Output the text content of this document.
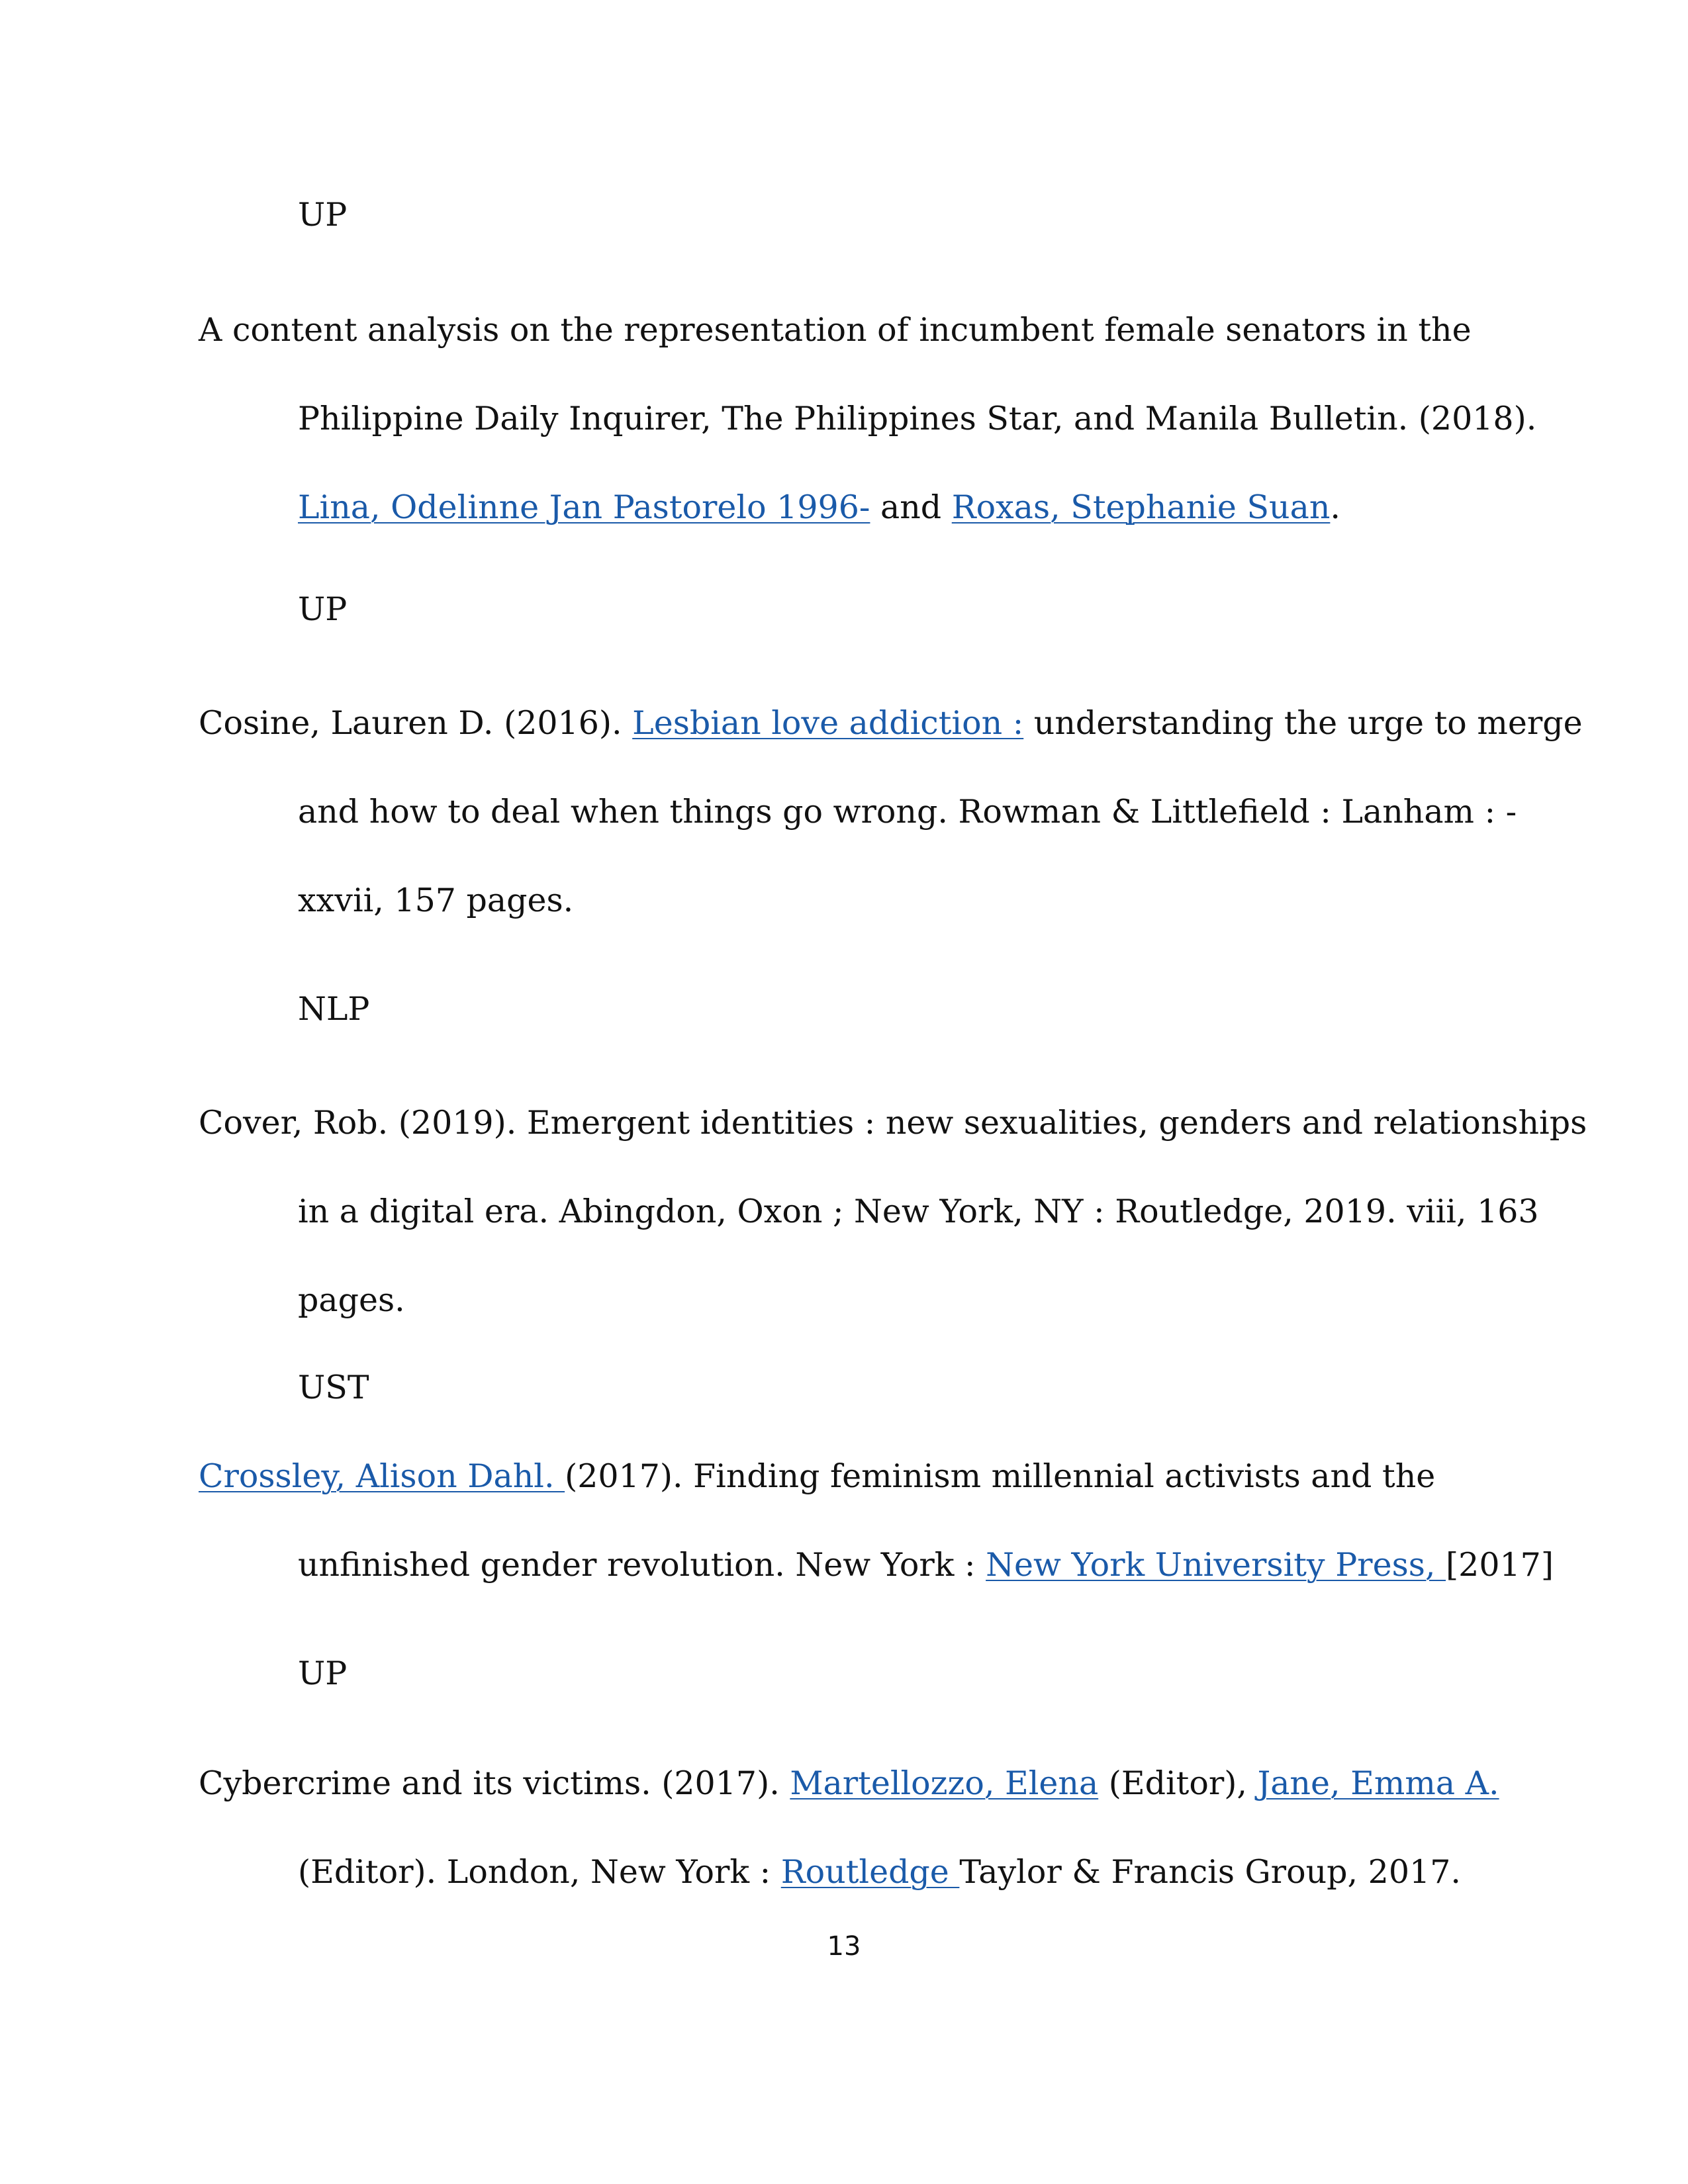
UP
A content analysis on the representation of incumbent female senators in the
Philippine Daily Inquirer, The Philippines Star, and Manila Bulletin. (2018).
Lina, Odelinne Jan Pastorelo 1996- and Roxas, Stephanie Suan.
UP
Cosine, Lauren D. (2016). Lesbian love addiction : understanding the urge to merge
and how to deal when things go wrong. Rowman & Littlefield : Lanham : -
xxvii, 157 pages.
NLP
Cover, Rob. (2019). Emergent identities : new sexualities, genders and relationships
in a digital era. Abingdon, Oxon ; New York, NY : Routledge, 2019. viii, 163
pages.
UST
Crossley, Alison Dahl. (2017). Finding feminism millennial activists and the
unfinished gender revolution. New York : New York University Press, [2017]
UP
Cybercrime and its victims. (2017). Martellozzo, Elena (Editor), Jane, Emma A.
(Editor). London, New York : Routledge Taylor & Francis Group, 2017.
13
